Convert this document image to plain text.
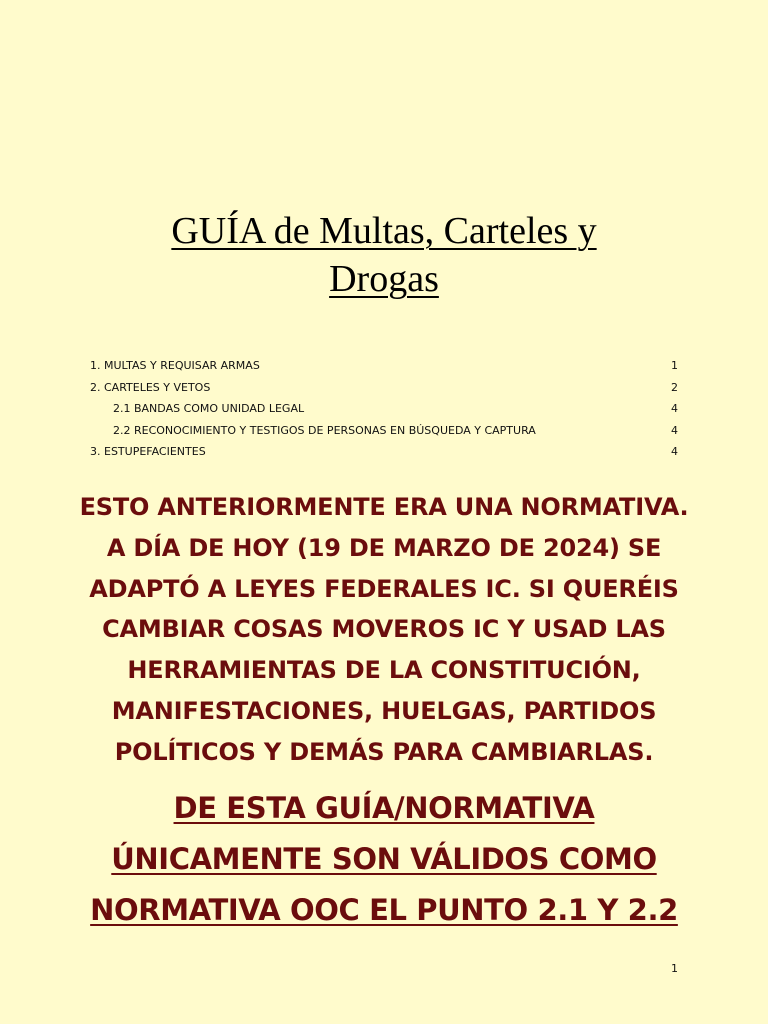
GUÍA de Multas, Carteles y
Drogas
1. MULTAS Y REQUISAR ARMAS	1
2. CARTELES Y VETOS	2
2.1 BANDAS COMO UNIDAD LEGAL	4
2.2 RECONOCIMIENTO Y TESTIGOS DE PERSONAS EN BÚSQUEDA Y CAPTURA	4
3. ESTUPEFACIENTES	4

ESTO ANTERIORMENTE ERA UNA NORMATIVA.
A DÍA DE HOY (19 DE MARZO DE 2024) SE
ADAPTÓ A LEYES FEDERALES IC. SI QUERÉIS
CAMBIAR COSAS MOVEROS IC Y USAD LAS
HERRAMIENTAS DE LA CONSTITUCIÓN,
MANIFESTACIONES, HUELGAS, PARTIDOS
POLÍTICOS Y DEMÁS PARA CAMBIARLAS.

DE ESTA GUÍA/NORMATIVA
ÚNICAMENTE SON VÁLIDOS COMO
NORMATIVA OOC EL PUNTO 2.1 Y 2.2

1
